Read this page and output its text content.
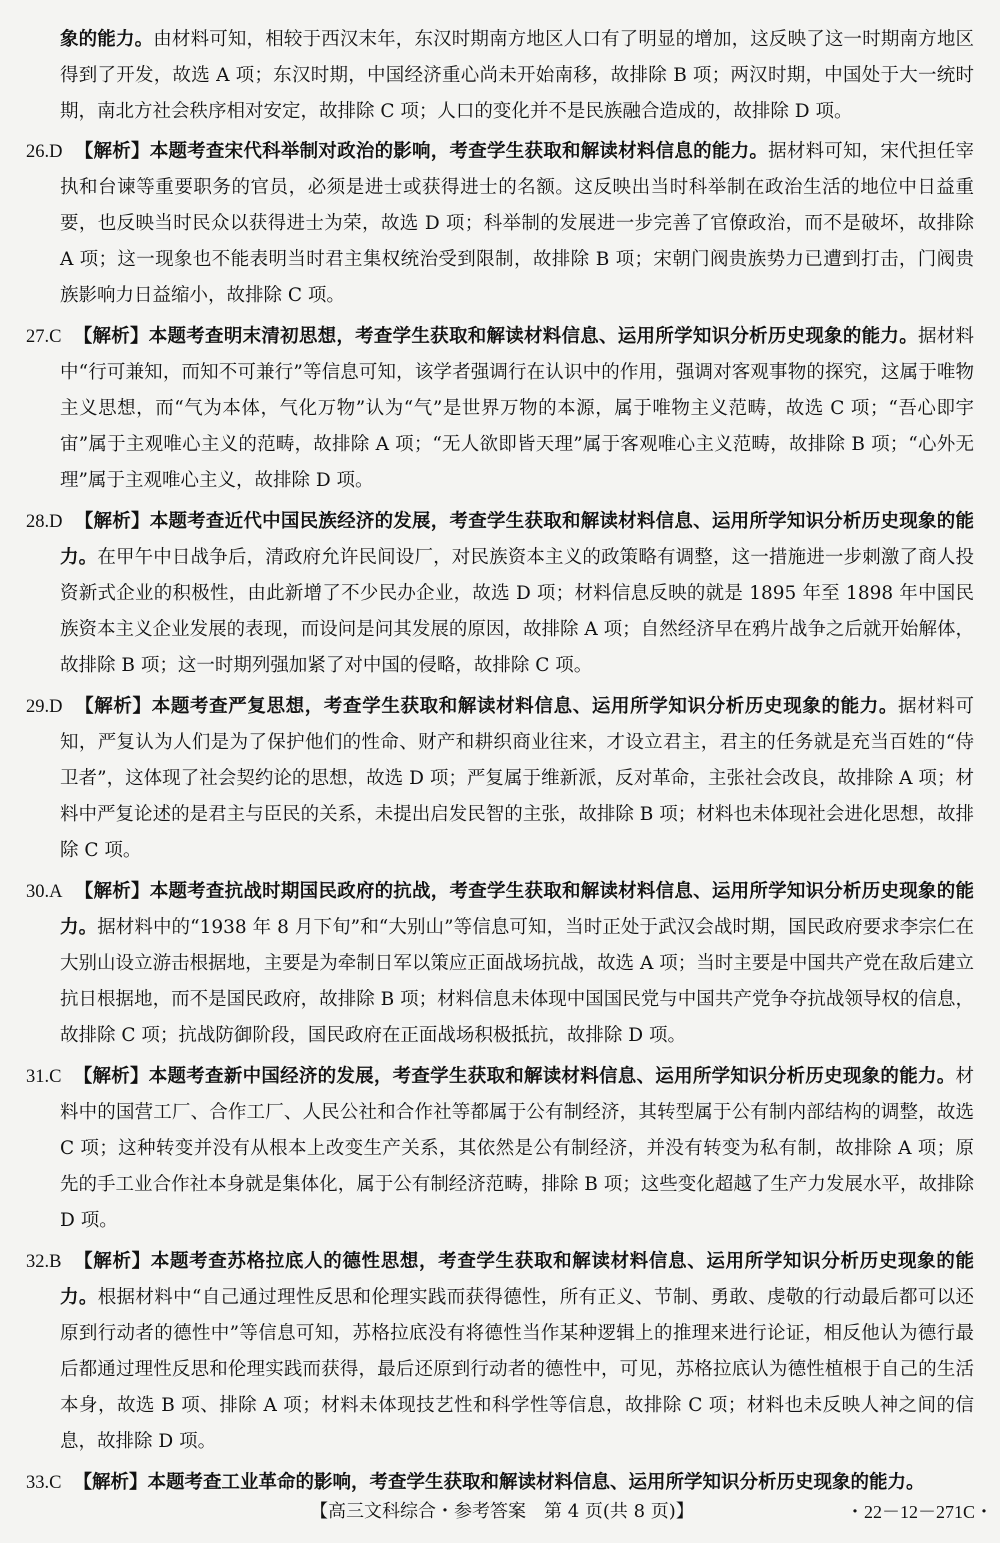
象的能力。由材料可知，相较于西汉末年，东汉时期南方地区人口有了明显的增加，这反映了这一时期南方地区得到了开发，故选 A 项；东汉时期，中国经济重心尚未开始南移，故排除 B 项；两汉时期，中国处于大一统时期，南北方社会秩序相对安定，故排除 C 项；人口的变化并不是民族融合造成的，故排除 D 项。

26.D 【解析】本题考查宋代科举制对政治的影响，考查学生获取和解读材料信息的能力。据材料可知，宋代担任宰执和台谏等重要职务的官员，必须是进士或获得进士的名额。这反映出当时科举制在政治生活的地位中日益重要，也反映当时民众以获得进士为荣，故选 D 项；科举制的发展进一步完善了官僚政治，而不是破坏，故排除 A 项；这一现象也不能表明当时君主集权统治受到限制，故排除 B 项；宋朝门阀贵族势力已遭到打击，门阀贵族影响力日益缩小，故排除 C 项。

27.C 【解析】本题考查明末清初思想，考查学生获取和解读材料信息、运用所学知识分析历史现象的能力。据材料中“行可兼知，而知不可兼行”等信息可知，该学者强调行在认识中的作用，强调对客观事物的探究，这属于唯物主义思想，而“气为本体，气化万物”认为“气”是世界万物的本源，属于唯物主义范畴，故选 C 项；“吾心即宇宙”属于主观唯心主义的范畴，故排除 A 项；“无人欲即皆天理”属于客观唯心主义范畴，故排除 B 项；“心外无理”属于主观唯心主义，故排除 D 项。

28.D 【解析】本题考查近代中国民族经济的发展，考查学生获取和解读材料信息、运用所学知识分析历史现象的能力。在甲午中日战争后，清政府允许民间设厂，对民族资本主义的政策略有调整，这一措施进一步刺激了商人投资新式企业的积极性，由此新增了不少民办企业，故选 D 项；材料信息反映的就是 1895 年至 1898 年中国民族资本主义企业发展的表现，而设问是问其发展的原因，故排除 A 项；自然经济早在鸦片战争之后就开始解体，故排除 B 项；这一时期列强加紧了对中国的侵略，故排除 C 项。

29.D 【解析】本题考查严复思想，考查学生获取和解读材料信息、运用所学知识分析历史现象的能力。据材料可知，严复认为人们是为了保护他们的性命、财产和耕织商业往来，才设立君主，君主的任务就是充当百姓的“侍卫者”，这体现了社会契约论的思想，故选 D 项；严复属于维新派，反对革命，主张社会改良，故排除 A 项；材料中严复论述的是君主与臣民的关系，未提出启发民智的主张，故排除 B 项；材料也未体现社会进化思想，故排除 C 项。

30.A 【解析】本题考查抗战时期国民政府的抗战，考查学生获取和解读材料信息、运用所学知识分析历史现象的能力。据材料中的“1938 年 8 月下旬”和“大别山”等信息可知，当时正处于武汉会战时期，国民政府要求李宗仁在大别山设立游击根据地，主要是为牵制日军以策应正面战场抗战，故选 A 项；当时主要是中国共产党在敌后建立抗日根据地，而不是国民政府，故排除 B 项；材料信息未体现中国国民党与中国共产党争夺抗战领导权的信息，故排除 C 项；抗战防御阶段，国民政府在正面战场积极抵抗，故排除 D 项。

31.C 【解析】本题考查新中国经济的发展，考查学生获取和解读材料信息、运用所学知识分析历史现象的能力。材料中的国营工厂、合作工厂、人民公社和合作社等都属于公有制经济，其转型属于公有制内部结构的调整，故选 C 项；这种转变并没有从根本上改变生产关系，其依然是公有制经济，并没有转变为私有制，故排除 A 项；原先的手工业合作社本身就是集体化，属于公有制经济范畴，排除 B 项；这些变化超越了生产力发展水平，故排除 D 项。

32.B 【解析】本题考查苏格拉底人的德性思想，考查学生获取和解读材料信息、运用所学知识分析历史现象的能力。根据材料中“自己通过理性反思和伦理实践而获得德性，所有正义、节制、勇敢、虔敬的行动最后都可以还原到行动者的德性中”等信息可知，苏格拉底没有将德性当作某种逻辑上的推理来进行论证，相反他认为德行最后都通过理性反思和伦理实践而获得，最后还原到行动者的德性中，可见，苏格拉底认为德性植根于自己的生活本身，故选 B 项、排除 A 项；材料未体现技艺性和科学性等信息，故排除 C 项；材料也未反映人神之间的信息，故排除 D 项。

33.C 【解析】本题考查工业革命的影响，考查学生获取和解读材料信息、运用所学知识分析历史现象的能力。

【高三文科综合・参考答案　第 4 页(共 8 页)】	・22－12－271C・
